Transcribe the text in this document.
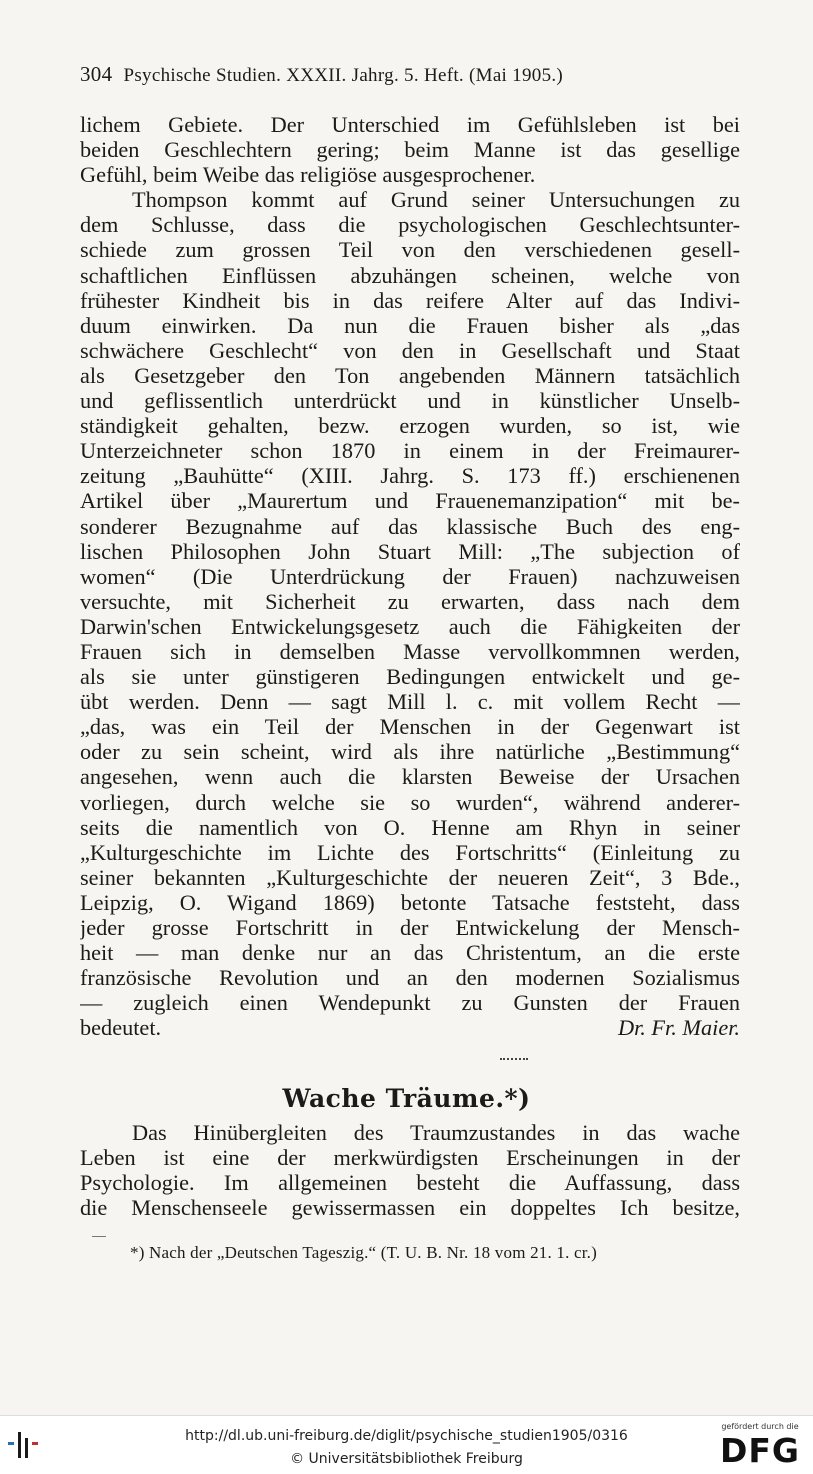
304 Psychische Studien. XXXII. Jahrg. 5. Heft. (Mai 1905.)
lichem Gebiete. Der Unterschied im Gefühlsleben ist bei
beiden Geschlechtern gering; beim Manne ist das gesellige
Gefühl, beim Weibe das religiöse ausgesprochener.
Thompson kommt auf Grund seiner Untersuchungen zu
dem Schlusse, dass die psychologischen Geschlechtsunter-
schiede zum grossen Teil von den verschiedenen gesell-
schaftlichen Einflüssen abzuhängen scheinen, welche von
frühester Kindheit bis in das reifere Alter auf das Indivi-
duum einwirken. Da nun die Frauen bisher als „das
schwächere Geschlecht“ von den in Gesellschaft und Staat
als Gesetzgeber den Ton angebenden Männern tatsächlich
und geflissentlich unterdrückt und in künstlicher Unselb-
ständigkeit gehalten, bezw. erzogen wurden, so ist, wie
Unterzeichneter schon 1870 in einem in der Freimaurer-
zeitung „Bauhütte“ (XIII. Jahrg. S. 173 ff.) erschienenen
Artikel über „Maurertum und Frauenemanzipation“ mit be-
sonderer Bezugnahme auf das klassische Buch des eng-
lischen Philosophen John Stuart Mill: „The subjection of
women“ (Die Unterdrückung der Frauen) nachzuweisen
versuchte, mit Sicherheit zu erwarten, dass nach dem
Darwin'schen Entwickelungsgesetz auch die Fähigkeiten der
Frauen sich in demselben Masse vervollkommnen werden,
als sie unter günstigeren Bedingungen entwickelt und ge-
übt werden. Denn — sagt Mill l. c. mit vollem Recht —
„das, was ein Teil der Menschen in der Gegenwart ist
oder zu sein scheint, wird als ihre natürliche „Bestimmung“
angesehen, wenn auch die klarsten Beweise der Ursachen
vorliegen, durch welche sie so wurden“, während anderer-
seits die namentlich von O. Henne am Rhyn in seiner
„Kulturgeschichte im Lichte des Fortschritts“ (Einleitung zu
seiner bekannten „Kulturgeschichte der neueren Zeit“, 3 Bde.,
Leipzig, O. Wigand 1869) betonte Tatsache feststeht, dass
jeder grosse Fortschritt in der Entwickelung der Mensch-
heit — man denke nur an das Christentum, an die erste
französische Revolution und an den modernen Sozialismus
— zugleich einen Wendepunkt zu Gunsten der Frauen
bedeutet.	Dr. Fr. Maier.
Wache Träume.*)
Das Hinübergleiten des Traumzustandes in das wache
Leben ist eine der merkwürdigsten Erscheinungen in der
Psychologie. Im allgemeinen besteht die Auffassung, dass
die Menschenseele gewissermassen ein doppeltes Ich besitze,
*) Nach der „Deutschen Tageszig.“ (T. U. B. Nr. 18 vom 21. 1. cr.)
http://dl.ub.uni-freiburg.de/diglit/psychische_studien1905/0316
© Universitätsbibliothek Freiburg
gefördert durch die
DFG
